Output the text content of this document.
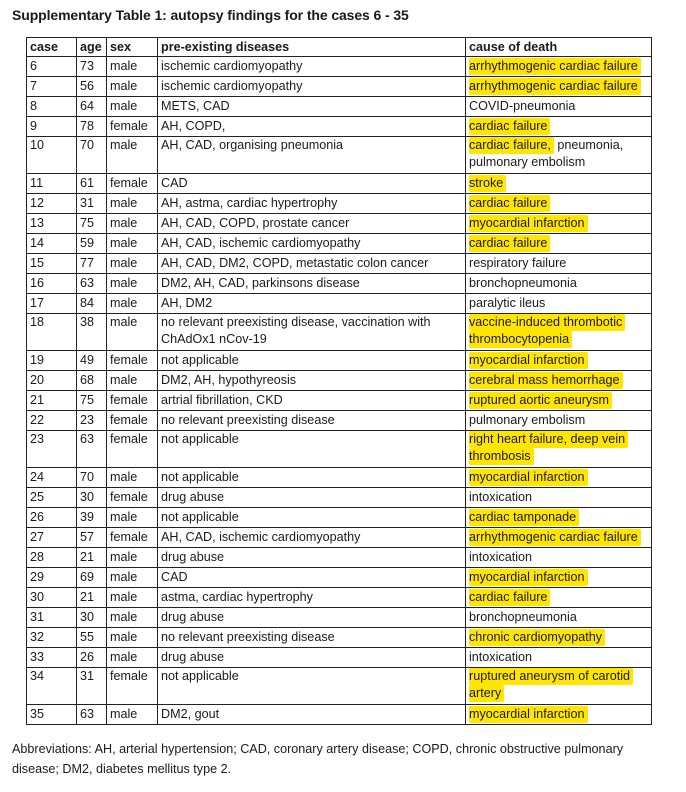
Supplementary Table 1: autopsy findings for the cases 6 - 35
case	age	sex	pre-existing diseases	cause of death
6	73	male	ischemic cardiomyopathy	arrhythmogenic cardiac failure
7	56	male	ischemic cardiomyopathy	arrhythmogenic cardiac failure
8	64	male	METS, CAD	COVID-pneumonia
9	78	female	AH, COPD,	cardiac failure
10	70	male	AH, CAD, organising pneumonia	cardiac failure, pneumonia, pulmonary embolism
11	61	female	CAD	stroke
12	31	male	AH, astma, cardiac hypertrophy	cardiac failure
13	75	male	AH, CAD, COPD, prostate cancer	myocardial infarction
14	59	male	AH, CAD, ischemic cardiomyopathy	cardiac failure
15	77	male	AH, CAD, DM2, COPD, metastatic colon cancer	respiratory failure
16	63	male	DM2, AH, CAD, parkinsons disease	bronchopneumonia
17	84	male	AH, DM2	paralytic ileus
18	38	male	no relevant preexisting disease, vaccination with ChAdOx1 nCov-19	vaccine-induced thrombotic thrombocytopenia
19	49	female	not applicable	myocardial infarction
20	68	male	DM2, AH, hypothyreosis	cerebral mass hemorrhage
21	75	female	artrial fibrillation, CKD	ruptured aortic aneurysm
22	23	female	no relevant preexisting disease	pulmonary embolism
23	63	female	not applicable	right heart failure, deep vein thrombosis
24	70	male	not applicable	myocardial infarction
25	30	female	drug abuse	intoxication
26	39	male	not applicable	cardiac tamponade
27	57	female	AH, CAD, ischemic cardiomyopathy	arrhythmogenic cardiac failure
28	21	male	drug abuse	intoxication
29	69	male	CAD	myocardial infarction
30	21	male	astma, cardiac hypertrophy	cardiac failure
31	30	male	drug abuse	bronchopneumonia
32	55	male	no relevant preexisting disease	chronic cardiomyopathy
33	26	male	drug abuse	intoxication
34	31	female	not applicable	ruptured aneurysm of carotid artery
35	63	male	DM2, gout	myocardial infarction
Abbreviations: AH, arterial hypertension; CAD, coronary artery disease; COPD, chronic obstructive pulmonary disease; DM2, diabetes mellitus type 2.
